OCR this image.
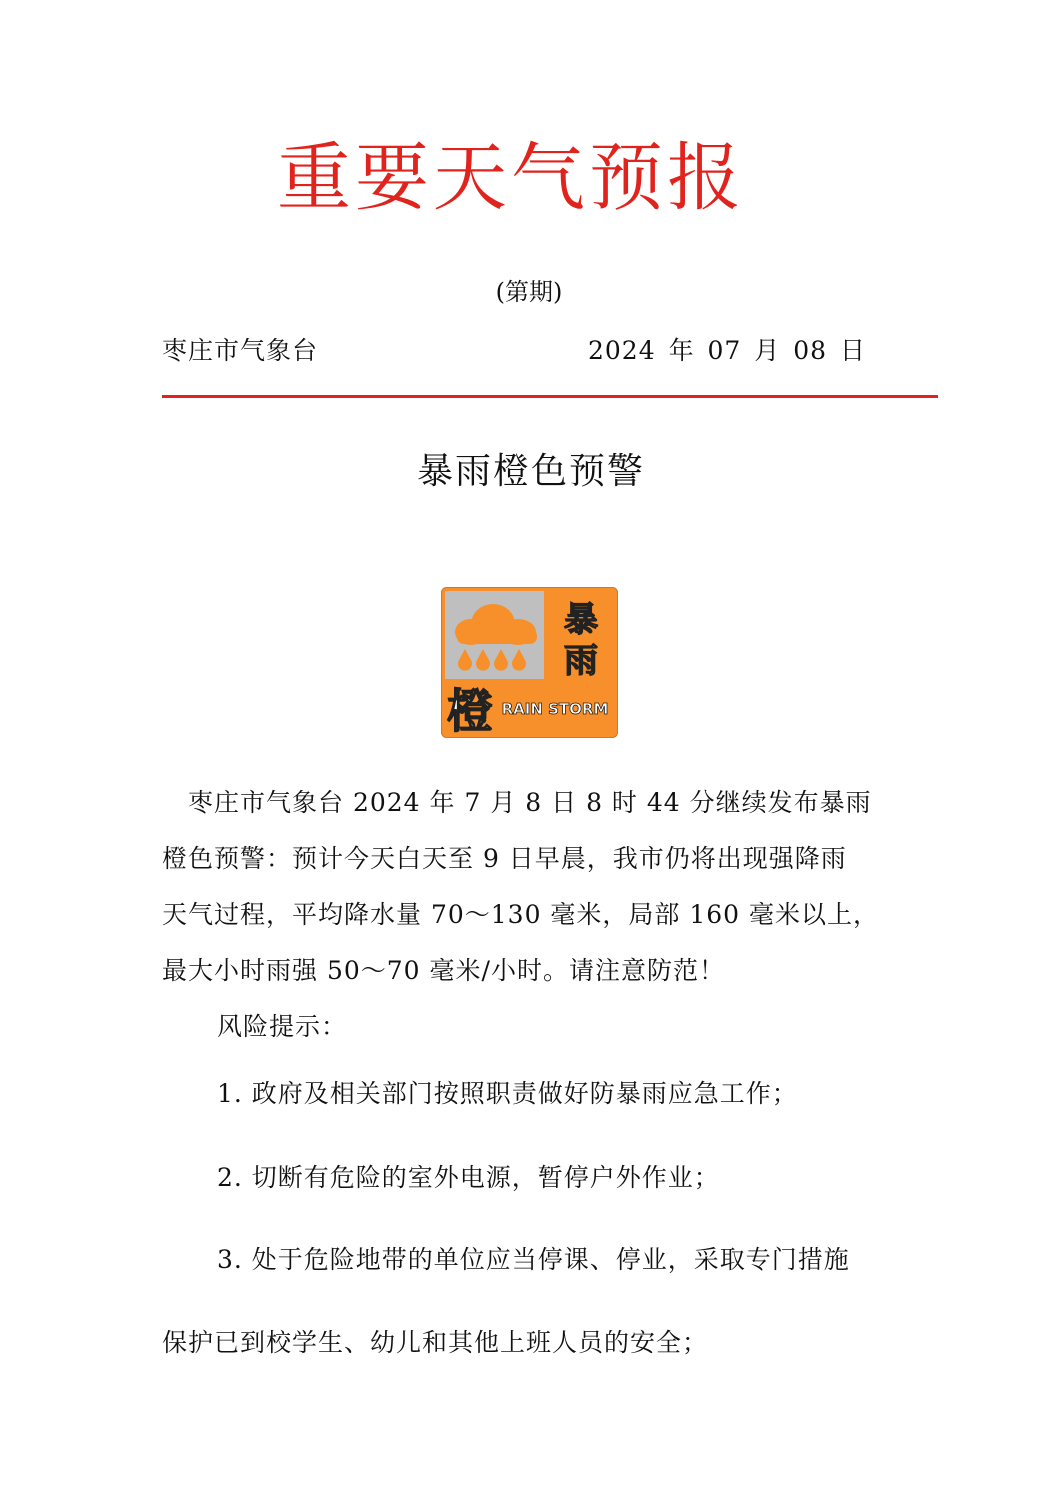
重要天气预报
(第期)
枣庄市气象台	2024 年 07 月 08 日
暴雨橙色预警
暴
雨
橙 RAIN STORM
　枣庄市气象台 2024 年 7 月 8 日 8 时 44 分继续发布暴雨
橙色预警：预计今天白天至 9 日早晨，我市仍将出现强降雨
天气过程，平均降水量 70～130 毫米，局部 160 毫米以上，
最大小时雨强 50～70 毫米/小时。请注意防范！
风险提示：
1. 政府及相关部门按照职责做好防暴雨应急工作；
2. 切断有危险的室外电源，暂停户外作业；
3. 处于危险地带的单位应当停课、停业，采取专门措施
保护已到校学生、幼儿和其他上班人员的安全；
